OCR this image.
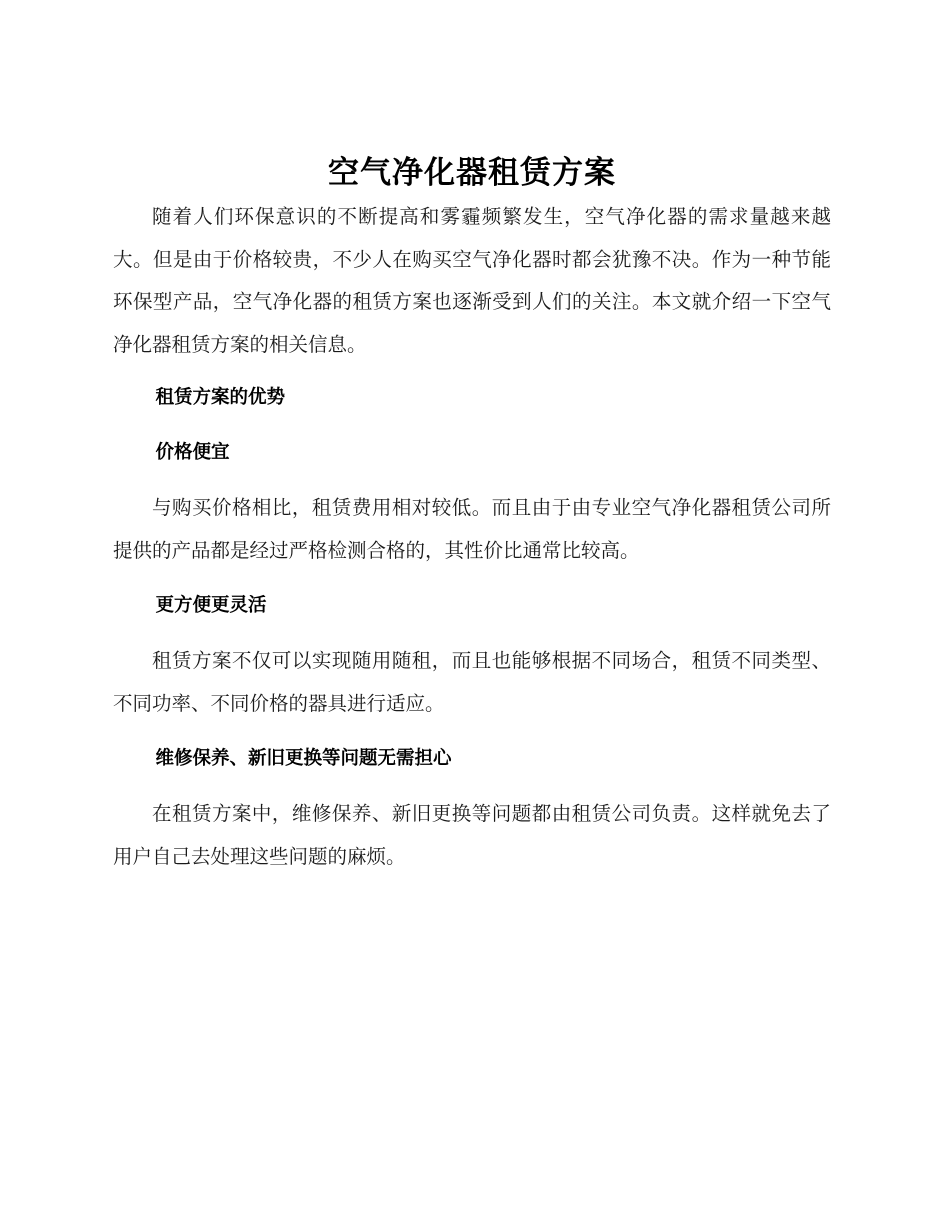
空气净化器租赁方案

随着人们环保意识的不断提高和雾霾频繁发生，空气净化器的需求量越来越大。但是由于价格较贵，不少人在购买空气净化器时都会犹豫不决。作为一种节能环保型产品，空气净化器的租赁方案也逐渐受到人们的关注。本文就介绍一下空气净化器租赁方案的相关信息。

租赁方案的优势
价格便宜

与购买价格相比，租赁费用相对较低。而且由于由专业空气净化器租赁公司所提供的产品都是经过严格检测合格的，其性价比通常比较高。

更方便更灵活

租赁方案不仅可以实现随用随租，而且也能够根据不同场合，租赁不同类型、不同功率、不同价格的器具进行适应。

维修保养、新旧更换等问题无需担心

在租赁方案中，维修保养、新旧更换等问题都由租赁公司负责。这样就免去了用户自己去处理这些问题的麻烦。
